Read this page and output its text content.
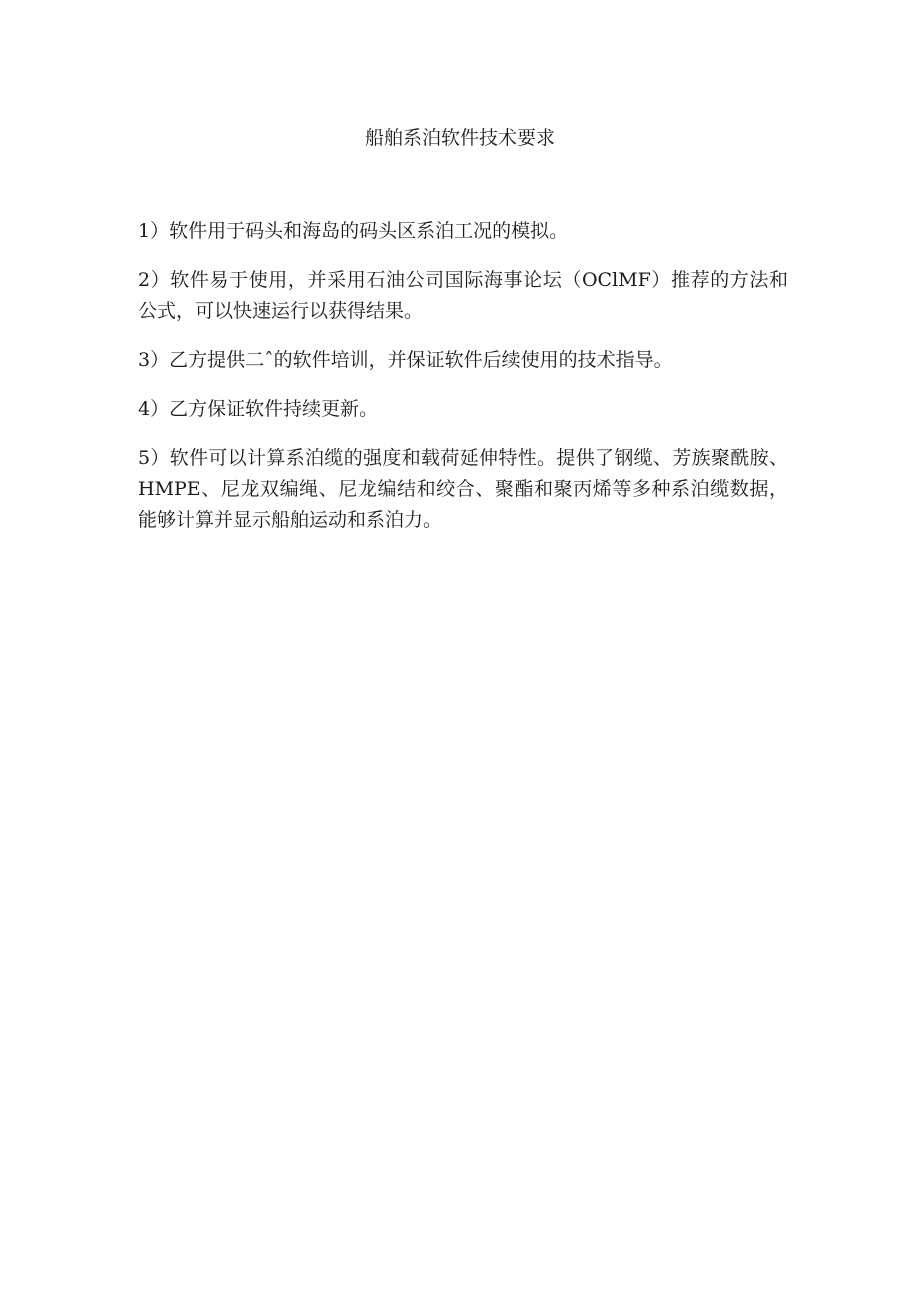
船舶系泊软件技术要求

1）软件用于码头和海岛的码头区系泊工况的模拟。

2）软件易于使用，并采用石油公司国际海事论坛（OClMF）推荐的方法和公式，可以快速运行以获得结果。

3）乙方提供二ˆ的软件培训，并保证软件后续使用的技术指导。

4）乙方保证软件持续更新。

5）软件可以计算系泊缆的强度和载荷延伸特性。提供了钢缆、芳族聚酰胺、HMPE、尼龙双编绳、尼龙编结和绞合、聚酯和聚丙烯等多种系泊缆数据，能够计算并显示船舶运动和系泊力。
